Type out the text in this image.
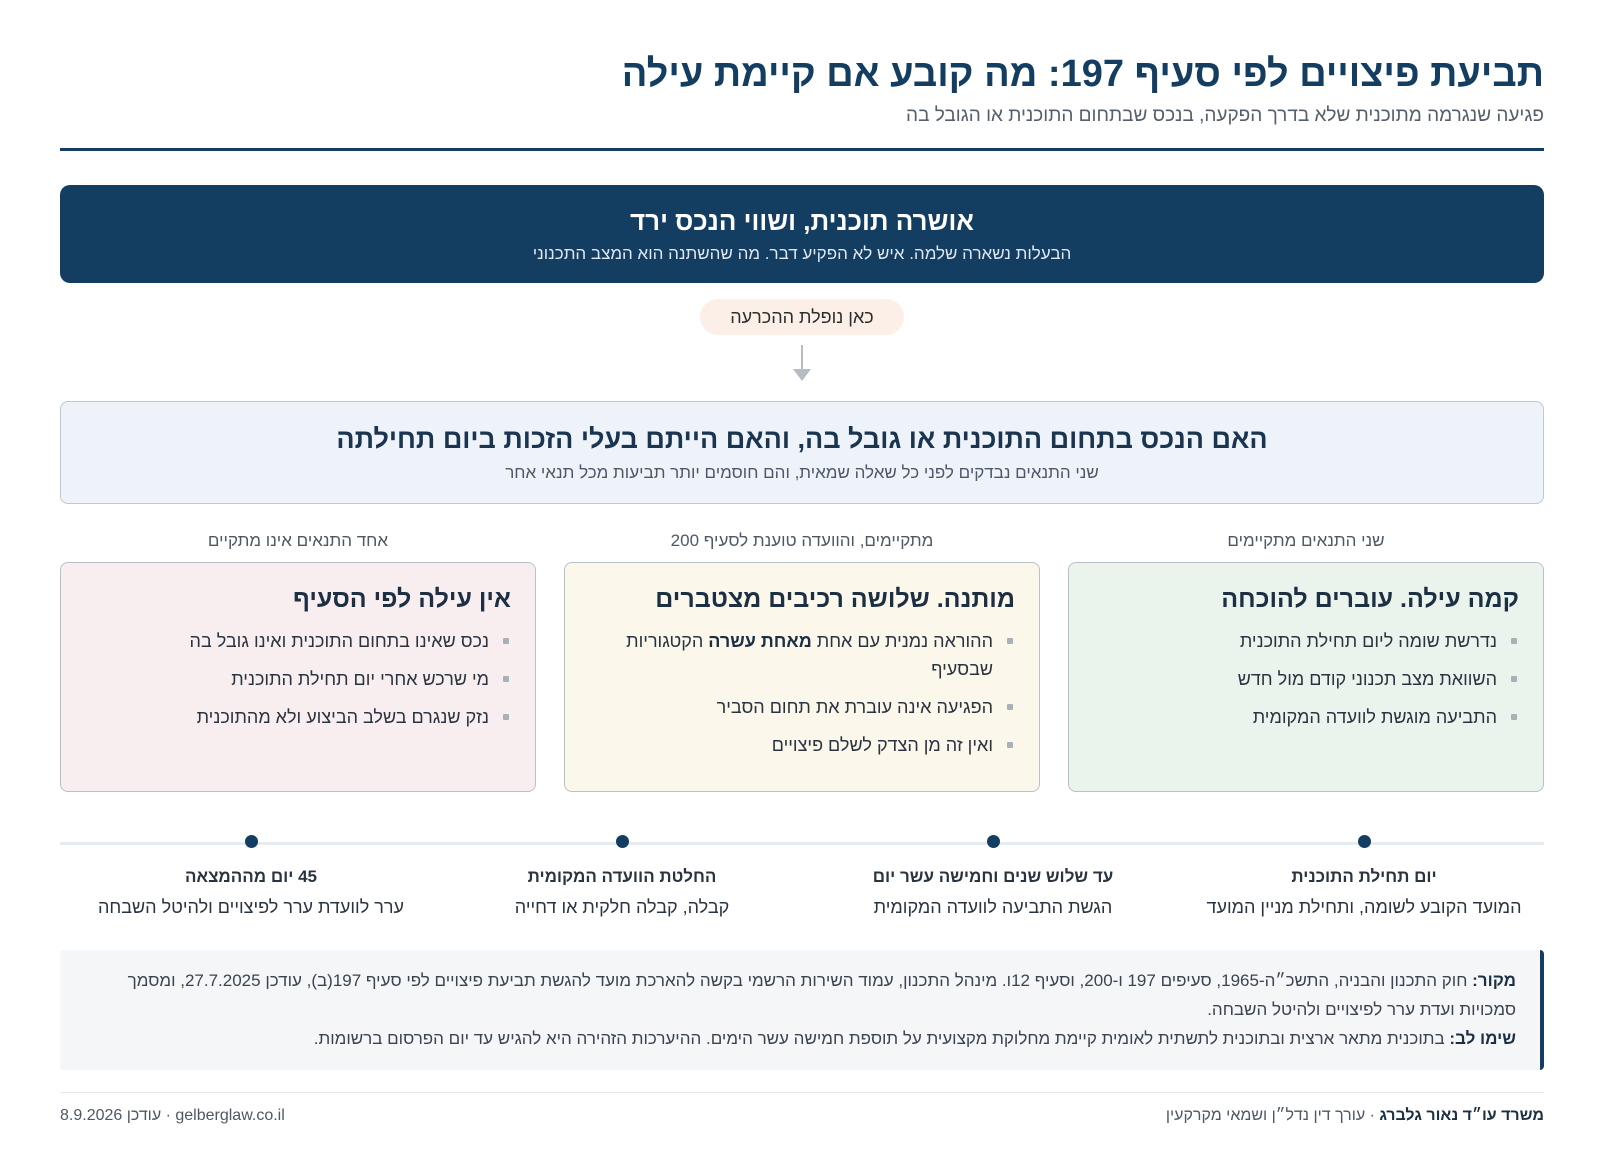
תביעת פיצויים לפי סעיף 197: מה קובע אם קיימת עילה
פגיעה שנגרמה מתוכנית שלא בדרך הפקעה, בנכס שבתחום התוכנית או הגובל בה
אושרה תוכנית, ושווי הנכס ירד
הבעלות נשארה שלמה. איש לא הפקיע דבר. מה שהשתנה הוא המצב התכנוני
כאן נופלת ההכרעה
האם הנכס בתחום התוכנית או גובל בה, והאם הייתם בעלי הזכות ביום תחילתה
שני התנאים נבדקים לפני כל שאלה שמאית, והם חוסמים יותר תביעות מכל תנאי אחר
שני התנאים מתקיימים
מתקיימים, והוועדה טוענת לסעיף 200
אחד התנאים אינו מתקיים
קמה עילה. עוברים להוכחה
נדרשת שומה ליום תחילת התוכנית
השוואת מצב תכנוני קודם מול חדש
התביעה מוגשת לוועדה המקומית
מותנה. שלושה רכיבים מצטברים
ההוראה נמנית עם אחת מאחת עשרה הקטגוריות שבסעיף
הפגיעה אינה עוברת את תחום הסביר
ואין זה מן הצדק לשלם פיצויים
אין עילה לפי הסעיף
נכס שאינו בתחום התוכנית ואינו גובל בה
מי שרכש אחרי יום תחילת התוכנית
נזק שנגרם בשלב הביצוע ולא מהתוכנית
יום תחילת התוכנית
המועד הקובע לשומה, ותחילת מניין המועד
עד שלוש שנים וחמישה עשר יום
הגשת התביעה לוועדה המקומית
החלטת הוועדה המקומית
קבלה, קבלה חלקית או דחייה
45 יום מההמצאה
ערר לוועדת ערר לפיצויים ולהיטל השבחה

מקור: חוק התכנון והבניה, התשכ״ה-1965, סעיפים 197 ו-200, וסעיף 12ו. מינהל התכנון, עמוד השירות הרשמי בקשה להארכת מועד להגשת תביעת פיצויים לפי סעיף 197(ב), עודכן 27.7.2025, ומסמך סמכויות ועדת ערר לפיצויים ולהיטל השבחה.

שימו לב: בתוכנית מתאר ארצית ובתוכנית לתשתית לאומית קיימת מחלוקת מקצועית על תוספת חמישה עשר הימים. ההיערכות הזהירה היא להגיש עד יום הפרסום ברשומות.

משרד עו״ד נאור גלברג · עורך דין נדל״ן ושמאי מקרקעין
8.9.2026 עודכן · gelberglaw.co.il
